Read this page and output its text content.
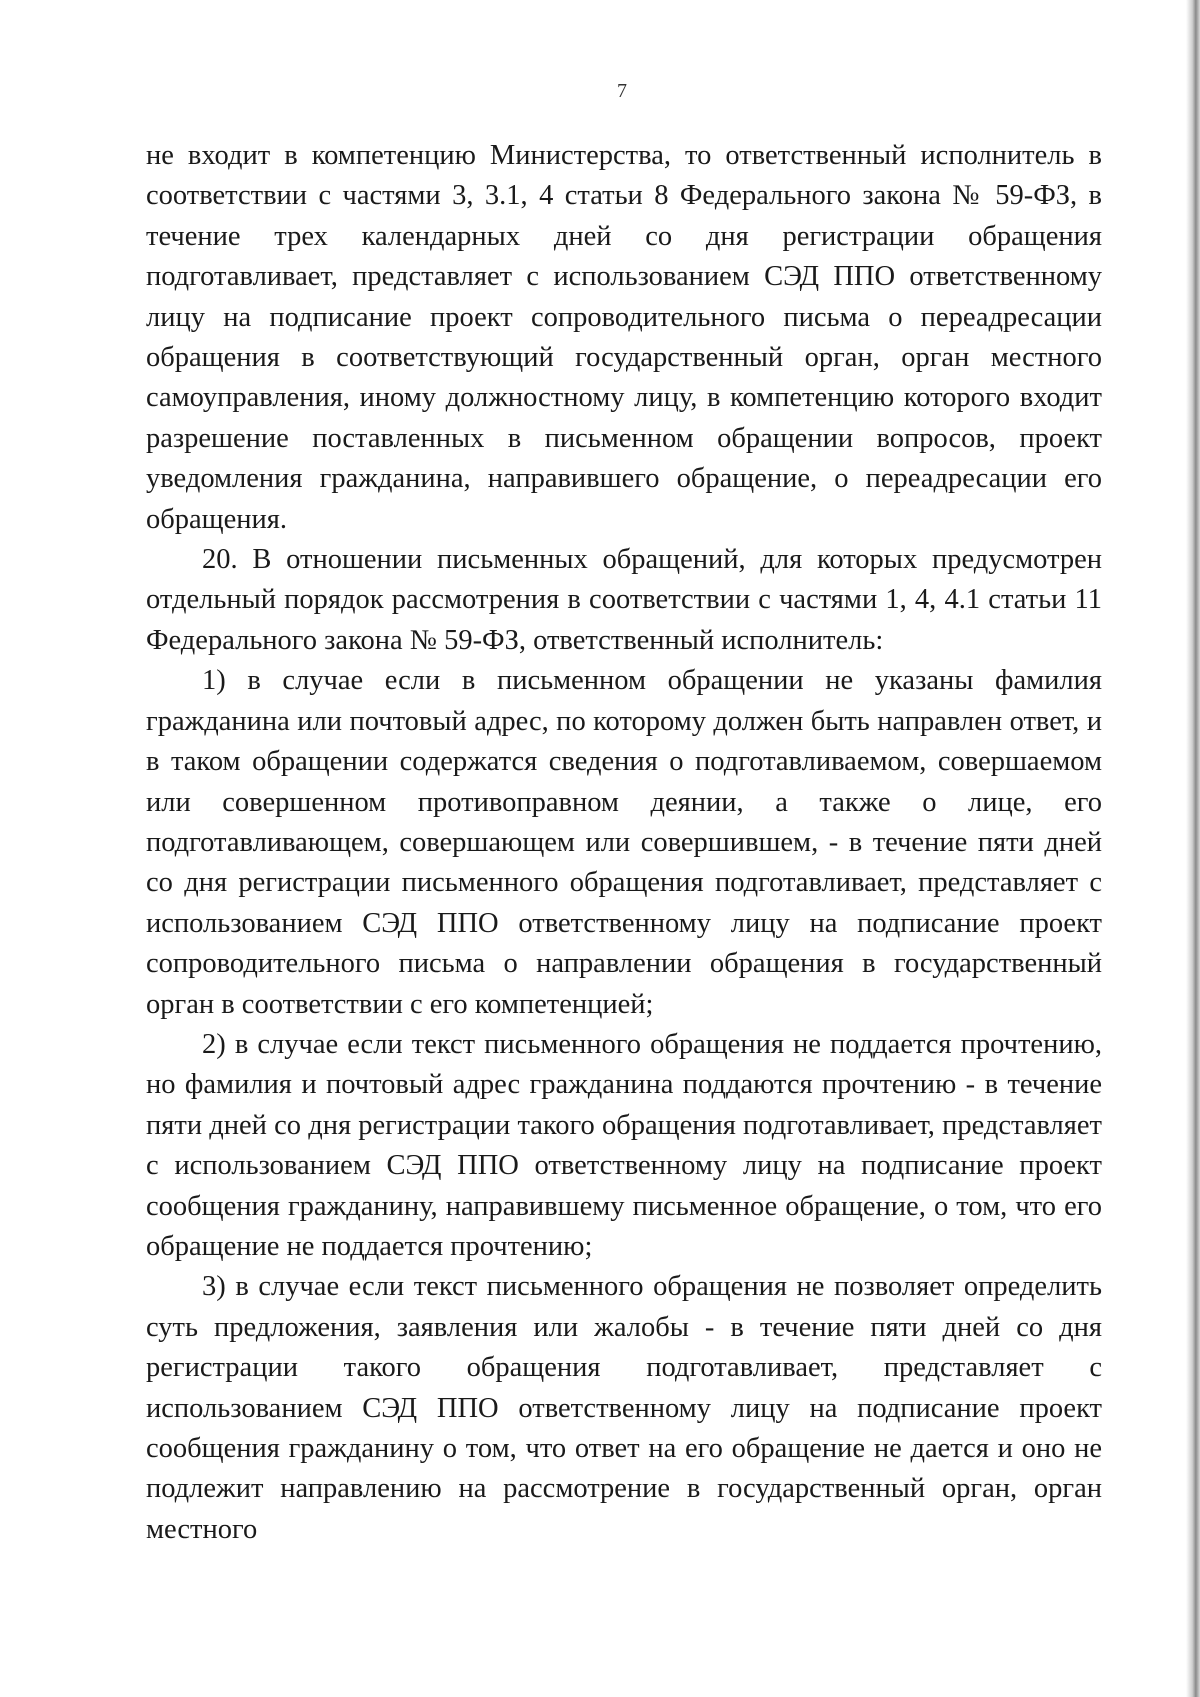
7

не входит в компетенцию Министерства, то ответственный исполнитель в соответствии с частями 3, 3.1, 4 статьи 8 Федерального закона № 59-ФЗ, в течение трех календарных дней со дня регистрации обращения подготавливает, представляет с использованием СЭД ППО ответственному лицу на подписание проект сопроводительного письма о переадресации обращения в соответствующий государственный орган, орган местного самоуправления, иному должностному лицу, в компетенцию которого входит разрешение поставленных в письменном обращении вопросов, проект уведомления гражданина, направившего обращение, о переадресации его обращения.

20. В отношении письменных обращений, для которых предусмотрен отдельный порядок рассмотрения в соответствии с частями 1, 4, 4.1 статьи 11 Федерального закона № 59-ФЗ, ответственный исполнитель:

1) в случае если в письменном обращении не указаны фамилия гражданина или почтовый адрес, по которому должен быть направлен ответ, и в таком обращении содержатся сведения о подготавливаемом, совершаемом или совершенном противоправном деянии, а также о лице, его подготавливающем, совершающем или совершившем, - в течение пяти дней со дня регистрации письменного обращения подготавливает, представляет с использованием СЭД ППО ответственному лицу на подписание проект сопроводительного письма о направлении обращения в государственный орган в соответствии с его компетенцией;

2) в случае если текст письменного обращения не поддается прочтению, но фамилия и почтовый адрес гражданина поддаются прочтению - в течение пяти дней со дня регистрации такого обращения подготавливает, представляет с использованием СЭД ППО ответственному лицу на подписание проект сообщения гражданину, направившему письменное обращение, о том, что его обращение не поддается прочтению;

3) в случае если текст письменного обращения не позволяет определить суть предложения, заявления или жалобы - в течение пяти дней со дня регистрации такого обращения подготавливает, представляет с использованием СЭД ППО ответственному лицу на подписание проект сообщения гражданину о том, что ответ на его обращение не дается и оно не подлежит направлению на рассмотрение в государственный орган, орган местного
